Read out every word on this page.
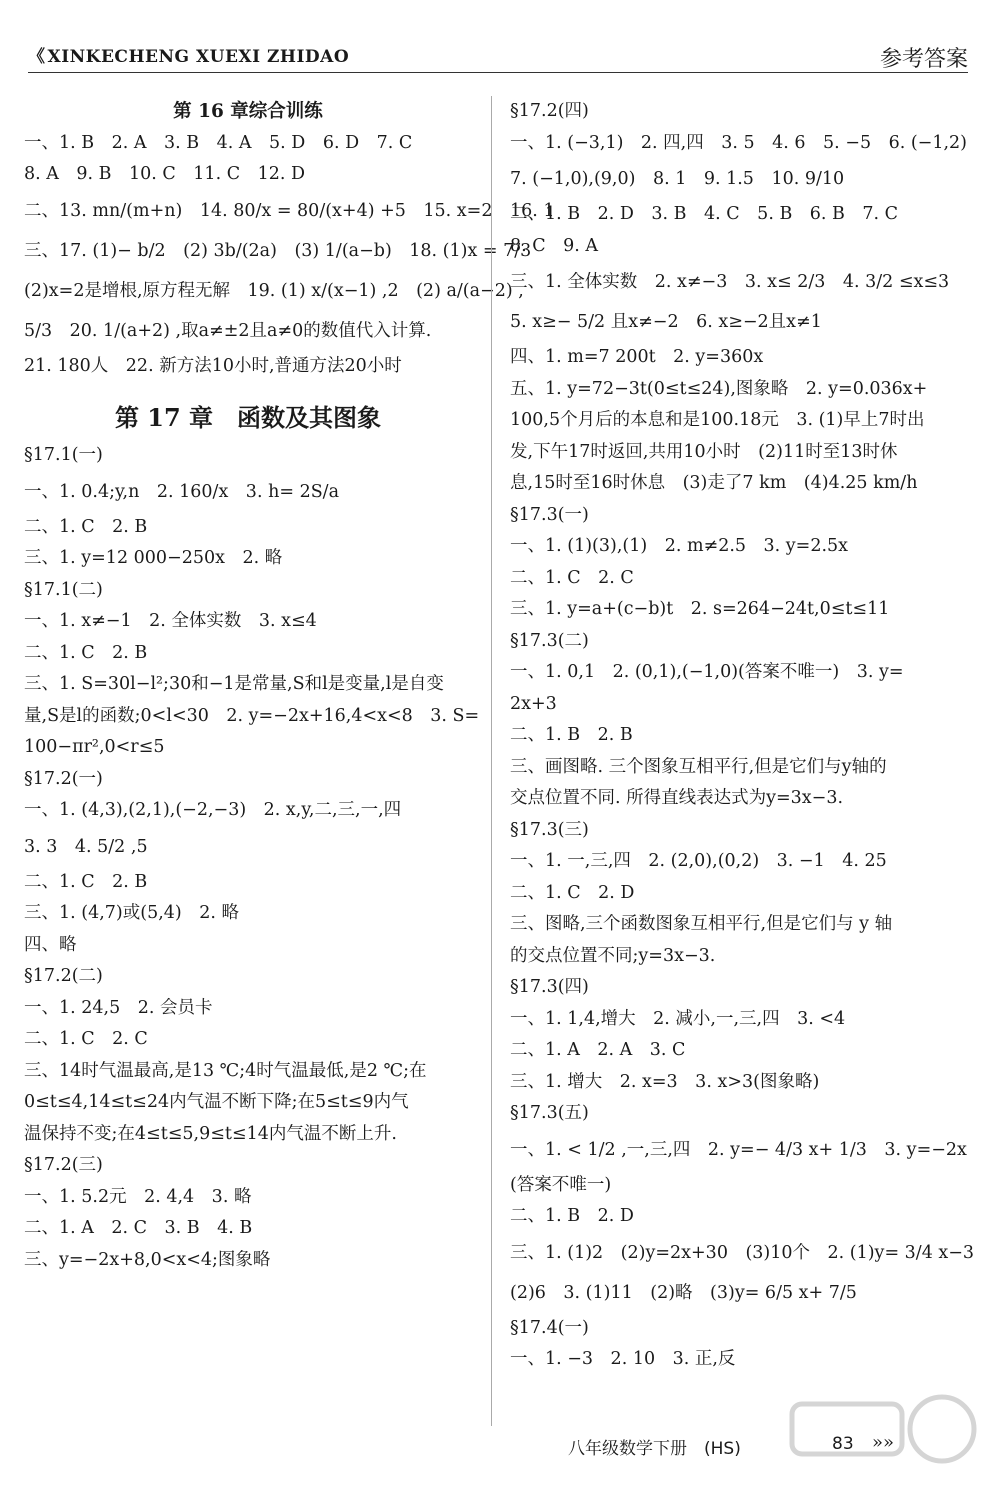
《 XINKECHENG XUEXI ZHIDAO	参考答案
第 16 章综合训练
一、1. B　2. A　3. B　4. A　5. D　6. D　7. C
8. A　9. B　10. C　11. C　12. D
二、13. mn/(m+n)　14. 80/x = 80/(x+4) +5　15. x=2　16. 1
三、17. (1)− b/2　(2) 3b/(2a)　(3) 1/(a−b)　18. (1)x = 7/3
(2)x=2是增根,原方程无解　19. (1) x/(x−1) ,2　(2) a/(a−2) ,
5/3　20. 1/(a+2) ,取a≠±2且a≠0的数值代入计算.
21. 180人　22. 新方法10小时,普通方法20小时
第 17 章　函数及其图象
§17.1(一)
一、1. 0.4;y,n　2. 160/x　3. h= 2S/a
二、1. C　2. B
三、1. y=12 000−250x　2. 略
§17.1(二)
一、1. x≠−1　2. 全体实数　3. x≤4
二、1. C　2. B
三、1. S=30l−l²;30和−1是常量,S和l是变量,l是自变
量,S是l的函数;0<l<30　2. y=−2x+16,4<x<8　3. S=
100−πr²,0<r≤5
§17.2(一)
一、1. (4,3),(2,1),(−2,−3)　2. x,y,二,三,一,四
3. 3　4. 5/2 ,5
二、1. C　2. B
三、1. (4,7)或(5,4)　2. 略
四、略
§17.2(二)
一、1. 24,5　2. 会员卡
二、1. C　2. C
三、14时气温最高,是13 ℃;4时气温最低,是2 ℃;在
0≤t≤4,14≤t≤24内气温不断下降;在5≤t≤9内气
温保持不变;在4≤t≤5,9≤t≤14内气温不断上升.
§17.2(三)
一、1. 5.2元　2. 4,4　3. 略
二、1. A　2. C　3. B　4. B
三、y=−2x+8,0<x<4;图象略
§17.2(四)
一、1. (−3,1)　2. 四,四　3. 5　4. 6　5. −5　6. (−1,2)
7. (−1,0),(9,0)　8. 1　9. 1.5　10. 9/10
二、1. B　2. D　3. B　4. C　5. B　6. B　7. C
8. C　9. A
三、1. 全体实数　2. x≠−3　3. x≤ 2/3　4. 3/2 ≤x≤3
5. x≥− 5/2 且x≠−2　6. x≥−2且x≠1
四、1. m=7 200t　2. y=360x
五、1. y=72−3t(0≤t≤24),图象略　2. y=0.036x+
100,5个月后的本息和是100.18元　3. (1)早上7时出
发,下午17时返回,共用10小时　(2)11时至13时休
息,15时至16时休息　(3)走了7 km　(4)4.25 km/h
§17.3(一)
一、1. (1)(3),(1)　2. m≠2.5　3. y=2.5x
二、1. C　2. C
三、1. y=a+(c−b)t　2. s=264−24t,0≤t≤11
§17.3(二)
一、1. 0,1　2. (0,1),(−1,0)(答案不唯一)　3. y=
2x+3
二、1. B　2. B
三、画图略. 三个图象互相平行,但是它们与y轴的
交点位置不同. 所得直线表达式为y=3x−3.
§17.3(三)
一、1. 一,三,四　2. (2,0),(0,2)　3. −1　4. 25
二、1. C　2. D
三、图略,三个函数图象互相平行,但是它们与 y 轴
的交点位置不同;y=3x−3.
§17.3(四)
一、1. 1,4,增大　2. 减小,一,三,四　3. <4
二、1. A　2. A　3. C
三、1. 增大　2. x=3　3. x>3(图象略)
§17.3(五)
一、1. < 1/2 ,一,三,四　2. y=− 4/3 x+ 1/3　3. y=−2x
(答案不唯一)
二、1. B　2. D
三、1. (1)2　(2)y=2x+30　(3)10个　2. (1)y= 3/4 x−3
(2)6　3. (1)11　(2)略　(3)y= 6/5 x+ 7/5
§17.4(一)
一、1. −3　2. 10　3. 正,反
八年级数学下册　(HS)	83 »»
